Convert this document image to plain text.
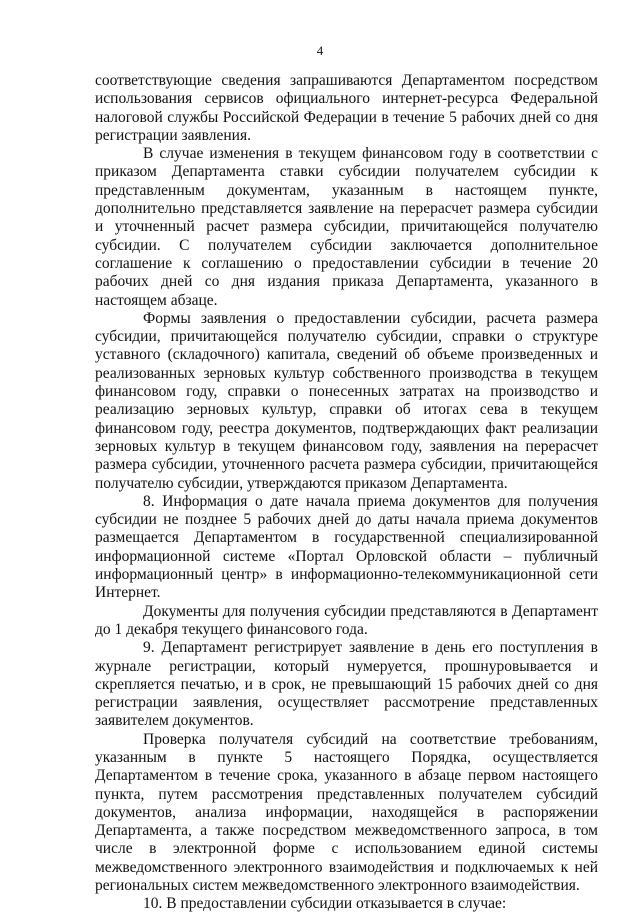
4

соответствующие сведения запрашиваются Департаментом посредством использования сервисов официального интернет-ресурса Федеральной налоговой службы Российской Федерации в течение 5 рабочих дней со дня регистрации заявления.

В случае изменения в текущем финансовом году в соответствии с приказом Департамента ставки субсидии получателем субсидии к представленным документам, указанным в настоящем пункте, дополнительно представляется заявление на перерасчет размера субсидии и уточненный расчет размера субсидии, причитающейся получателю субсидии. С получателем субсидии заключается дополнительное соглашение к соглашению о предоставлении субсидии в течение 20 рабочих дней со дня издания приказа Департамента, указанного в настоящем абзаце.

Формы заявления о предоставлении субсидии, расчета размера субсидии, причитающейся получателю субсидии, справки о структуре уставного (складочного) капитала, сведений об объеме произведенных и реализованных зерновых культур собственного производства в текущем финансовом году, справки о понесенных затратах на производство и реализацию зерновых культур, справки об итогах сева в текущем финансовом году, реестра документов, подтверждающих факт реализации зерновых культур в текущем финансовом году, заявления на перерасчет размера субсидии, уточненного расчета размера субсидии, причитающейся получателю субсидии, утверждаются приказом Департамента.

8. Информация о дате начала приема документов для получения субсидии не позднее 5 рабочих дней до даты начала приема документов размещается Департаментом в государственной специализированной информационной системе «Портал Орловской области – публичный информационный центр» в информационно-телекоммуникационной сети Интернет.

Документы для получения субсидии представляются в Департамент до 1 декабря текущего финансового года.

9. Департамент регистрирует заявление в день его поступления в журнале регистрации, который нумеруется, прошнуровывается и скрепляется печатью, и в срок, не превышающий 15 рабочих дней со дня регистрации заявления, осуществляет рассмотрение представленных заявителем документов.

Проверка получателя субсидий на соответствие требованиям, указанным в пункте 5 настоящего Порядка, осуществляется Департаментом в течение срока, указанного в абзаце первом настоящего пункта, путем рассмотрения представленных получателем субсидий документов, анализа информации, находящейся в распоряжении Департамента, а также посредством межведомственного запроса, в том числе в электронной форме с использованием единой системы межведомственного электронного взаимодействия и подключаемых к ней региональных систем межведомственного электронного взаимодействия.

10. В предоставлении субсидии отказывается в случае:
